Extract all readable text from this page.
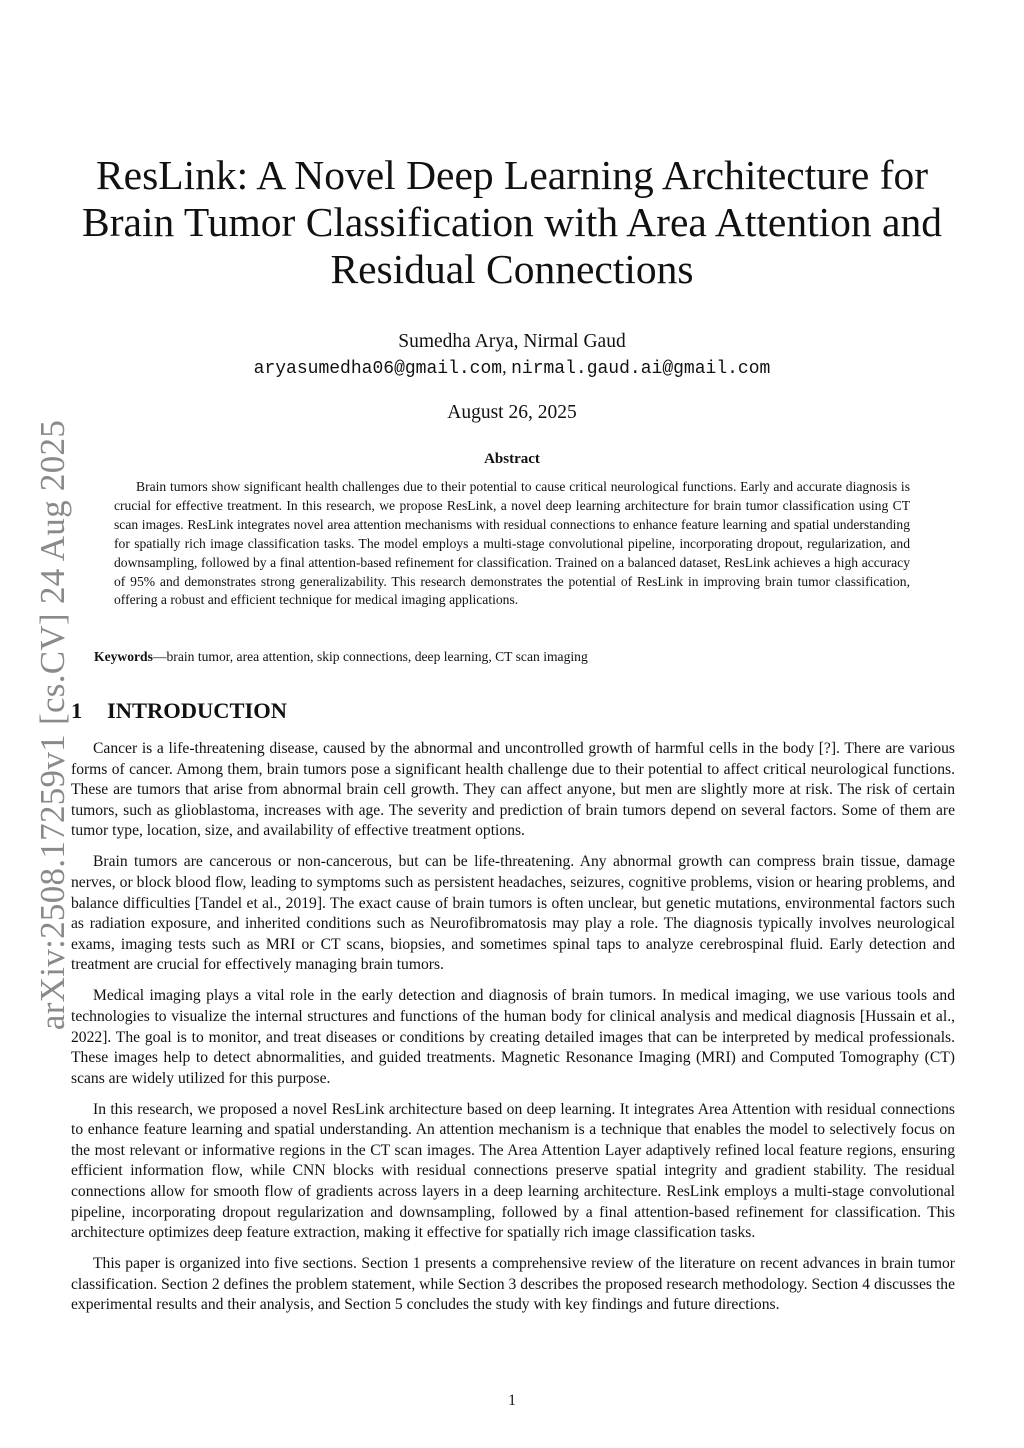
arXiv:2508.17259v1 [cs.CV] 24 Aug 2025
ResLink: A Novel Deep Learning Architecture for
Brain Tumor Classification with Area Attention and
Residual Connections
Sumedha Arya, Nirmal Gaud
aryasumedha06@gmail.com, nirmal.gaud.ai@gmail.com
August 26, 2025
Abstract

Brain tumors show significant health challenges due to their potential to cause critical neurological functions. Early and accurate diagnosis is crucial for effective treatment. In this research, we propose ResLink, a novel deep learning architecture for brain tumor classification using CT scan images. ResLink integrates novel area attention mechanisms with residual connections to enhance feature learning and spatial understanding for spatially rich image classification tasks. The model employs a multi-stage convolutional pipeline, incorporating dropout, regularization, and downsampling, followed by a final attention-based refinement for classification. Trained on a balanced dataset, ResLink achieves a high accuracy of 95% and demonstrates strong generalizability. This research demonstrates the potential of ResLink in improving brain tumor classification, offering a robust and efficient technique for medical imaging applications.

Keywords—brain tumor, area attention, skip connections, deep learning, CT scan imaging

1 INTRODUCTION

Cancer is a life-threatening disease, caused by the abnormal and uncontrolled growth of harmful cells in the body [?]. There are various forms of cancer. Among them, brain tumors pose a significant health challenge due to their potential to affect critical neurological functions. These are tumors that arise from abnormal brain cell growth. They can affect anyone, but men are slightly more at risk. The risk of certain tumors, such as glioblastoma, increases with age. The severity and prediction of brain tumors depend on several factors. Some of them are tumor type, location, size, and availability of effective treatment options.

Brain tumors are cancerous or non-cancerous, but can be life-threatening. Any abnormal growth can compress brain tissue, damage nerves, or block blood flow, leading to symptoms such as persistent headaches, seizures, cognitive problems, vision or hearing problems, and balance difficulties [Tandel et al., 2019]. The exact cause of brain tumors is often unclear, but genetic mutations, environmental factors such as radiation exposure, and inherited conditions such as Neurofibromatosis may play a role. The diagnosis typically involves neurological exams, imaging tests such as MRI or CT scans, biopsies, and sometimes spinal taps to analyze cerebrospinal fluid. Early detection and treatment are crucial for effectively managing brain tumors.

Medical imaging plays a vital role in the early detection and diagnosis of brain tumors. In medical imaging, we use various tools and technologies to visualize the internal structures and functions of the human body for clinical analysis and medical diagnosis [Hussain et al., 2022]. The goal is to monitor, and treat diseases or conditions by creating detailed images that can be interpreted by medical professionals. These images help to detect abnormalities, and guided treatments. Magnetic Resonance Imaging (MRI) and Computed Tomography (CT) scans are widely utilized for this purpose.

In this research, we proposed a novel ResLink architecture based on deep learning. It integrates Area Attention with residual connections to enhance feature learning and spatial understanding. An attention mechanism is a technique that enables the model to selectively focus on the most relevant or informative regions in the CT scan images. The Area Attention Layer adaptively refined local feature regions, ensuring efficient information flow, while CNN blocks with residual connections preserve spatial integrity and gradient stability. The residual connections allow for smooth flow of gradients across layers in a deep learning architecture. ResLink employs a multi-stage convolutional pipeline, incorporating dropout regularization and downsampling, followed by a final attention-based refinement for classification. This architecture optimizes deep feature extraction, making it effective for spatially rich image classification tasks.

This paper is organized into five sections. Section 1 presents a comprehensive review of the literature on recent advances in brain tumor classification. Section 2 defines the problem statement, while Section 3 describes the proposed research methodology. Section 4 discusses the experimental results and their analysis, and Section 5 concludes the study with key findings and future directions.

1
